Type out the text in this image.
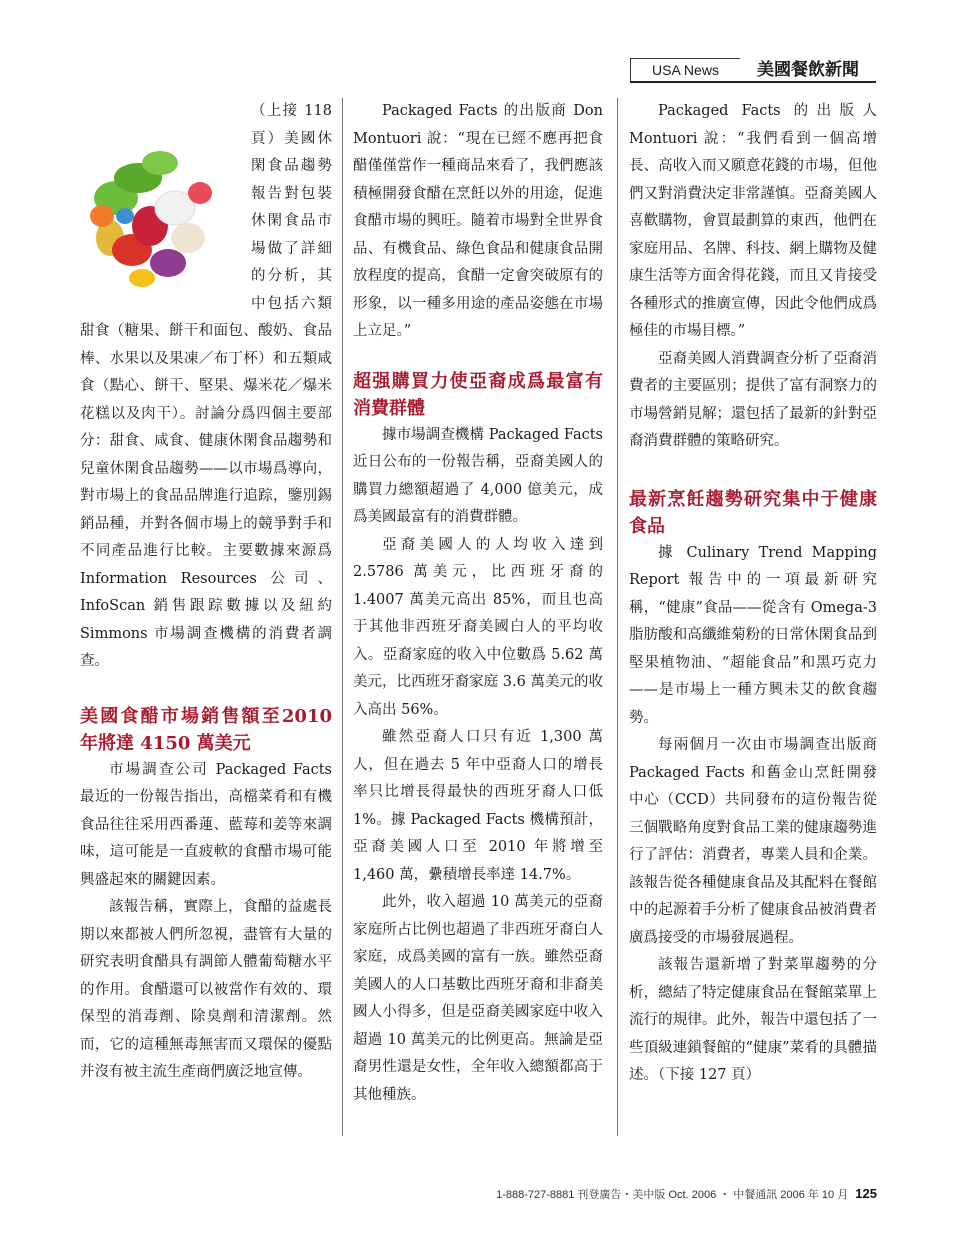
USA News	美國餐飲新聞

（上接 118 頁）美國休閑食品趨勢報告對包裝休閑食品市場做了詳細的分析，其中包括六類甜食（糖果、餅干和面包、酸奶、食品棒、水果以及果凍／布丁杯）和五類咸食（點心、餅干、堅果、爆米花／爆米花糕以及肉干）。討論分爲四個主要部分：甜食、咸食、健康休閑食品趨勢和兒童休閑食品趨勢——以市場爲導向，對市場上的食品品牌進行追踪，鑒別錫銷品種，并對各個市場上的競爭對手和不同產品進行比較。主要數據來源爲 Information Resources 公司、InfoScan 銷售跟踪數據以及紐約 Simmons 市場調查機構的消費者調查。

美國食醋市場銷售額至2010 年將達 4150 萬美元

市場調查公司 Packaged Facts 最近的一份報告指出，高檔菜肴和有機食品往往采用西番蓮、藍莓和姜等來調味，這可能是一直疲軟的食醋市場可能興盛起來的關鍵因素。

該報告稱，實際上，食醋的益處長期以來都被人們所忽視，盡管有大量的研究表明食醋具有調節人體葡萄糖水平的作用。食醋還可以被當作有效的、環保型的消毒劑、除臭劑和清潔劑。然而，它的這種無毒無害而又環保的優點并沒有被主流生產商們廣泛地宣傳。

Packaged Facts 的出版商 Don Montuori 說：“現在已經不應再把食醋僅僅當作一種商品來看了，我們應該積極開發食醋在烹飪以外的用途，促進食醋市場的興旺。隨着市場對全世界食品、有機食品、綠色食品和健康食品開放程度的提高，食醋一定會突破原有的形象，以一種多用途的產品姿態在市場上立足。”

超强購買力使亞裔成爲最富有消費群體

據市場調查機構 Packaged Facts 近日公布的一份報告稱，亞裔美國人的購買力總額超過了 4,000 億美元，成爲美國最富有的消費群體。

亞裔美國人的人均收入達到 2.5786 萬美元，比西班牙裔的 1.4007 萬美元高出 85%，而且也高于其他非西班牙裔美國白人的平均收入。亞裔家庭的收入中位數爲 5.62 萬美元，比西班牙裔家庭 3.6 萬美元的收入高出 56%。

雖然亞裔人口只有近 1,300 萬人，但在過去 5 年中亞裔人口的增長率只比增長得最快的西班牙裔人口低 1%。據 Packaged Facts 機構預計，亞裔美國人口至 2010 年將增至 1,460 萬，纍積增長率達 14.7%。

此外，收入超過 10 萬美元的亞裔家庭所占比例也超過了非西班牙裔白人家庭，成爲美國的富有一族。雖然亞裔美國人的人口基數比西班牙裔和非裔美國人小得多，但是亞裔美國家庭中收入超過 10 萬美元的比例更高。無論是亞裔男性還是女性，全年收入總額都高于其他種族。

Packaged Facts 的出版人 Montuori 說：“我們看到一個高增長、高收入而又願意花錢的市場，但他們又對消費決定非常謹慎。亞裔美國人喜歡購物，會買最劃算的東西，他們在家庭用品、名牌、科技、網上購物及健康生活等方面舍得花錢，而且又肯接受各種形式的推廣宣傳，因此令他們成爲極佳的市場目標。”

亞裔美國人消費調查分析了亞裔消費者的主要區別；提供了富有洞察力的市場營銷見解；還包括了最新的針對亞裔消費群體的策略研究。

最新烹飪趨勢研究集中于健康食品

據 Culinary Trend Mapping Report 報告中的一項最新研究稱，“健康”食品——從含有 Omega-3 脂肪酸和高纖維菊粉的日常休閑食品到堅果植物油、“超能食品”和黑巧克力——是市場上一種方興未艾的飲食趨勢。

每兩個月一次由市場調查出版商 Packaged Facts 和舊金山烹飪開發中心（CCD）共同發布的這份報告從三個戰略角度對食品工業的健康趨勢進行了評估：消費者，專業人員和企業。該報告從各種健康食品及其配料在餐館中的起源着手分析了健康食品被消費者廣爲接受的市場發展過程。

該報告還新增了對菜單趨勢的分析，總結了特定健康食品在餐館菜單上流行的規律。此外，報告中還包括了一些頂級連鎖餐館的“健康”菜肴的具體描述。（下接 127 頁）

1-888-727-8881 刊登廣告・美中版 Oct. 2006 ・ 中餐通訊 2006 年 10 月 125
